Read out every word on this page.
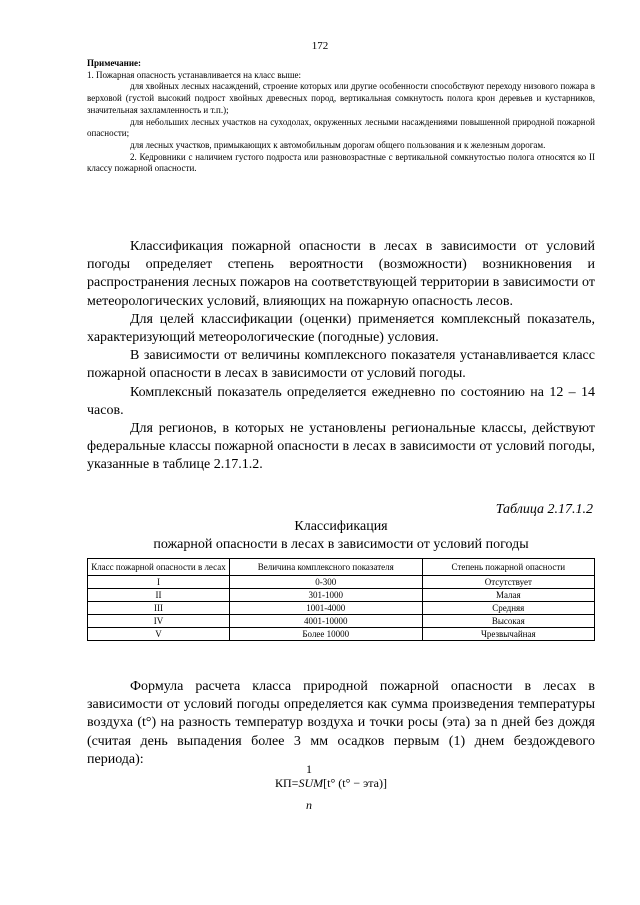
172

Примечание:

1. Пожарная опасность устанавливается на класс выше:

для хвойных лесных насаждений, строение которых или другие особенности способствуют переходу низового пожара в верховой (густой высокий подрост хвойных древесных пород, вертикальная сомкнутость полога крон деревьев и кустарников, значительная захламленность и т.п.);

для небольших лесных участков на суходолах, окруженных лесными насаждениями повышенной природной пожарной опасности;

для лесных участков, примыкающих к автомобильным дорогам общего пользования и к железным дорогам.

2. Кедровники с наличием густого подроста или разновозрастные с вертикальной сомкнутостью полога относятся ко II классу пожарной опасности.

Классификация пожарной опасности в лесах в зависимости от условий погоды определяет степень вероятности (возможности) возникновения и распространения лесных пожаров на соответствующей территории в зависимости от метеорологических условий, влияющих на пожарную опасность лесов.

Для целей классификации (оценки) применяется комплексный показатель, характеризующий метеорологические (погодные) условия.

В зависимости от величины комплексного показателя устанавливается класс пожарной опасности в лесах в зависимости от условий погоды.

Комплексный показатель определяется ежедневно по состоянию на 12 – 14 часов.

Для регионов, в которых не установлены региональные классы, действуют федеральные классы пожарной опасности в лесах в зависимости от условий погоды, указанные в таблице 2.17.1.2.

Таблица 2.17.1.2
Классификация
пожарной опасности в лесах в зависимости от условий погоды
Класс пожарной опасности в лесах	Величина комплексного показателя	Степень пожарной опасности
I	0-300	Отсутствует
II	301-1000	Малая
III	1001-4000	Средняя
IV	4001-10000	Высокая
V	Более 10000	Чрезвычайная

Формула расчета класса природной пожарной опасности в лесах в зависимости от условий погоды определяется как сумма произведения температуры воздуха (t°) на разность температур воздуха и точки росы (эта) за n дней без дождя (считая день выпадения более 3 мм осадков первым (1) днем бездождевого периода):

1
КП=SUM[t° (t° − эта)]
n
